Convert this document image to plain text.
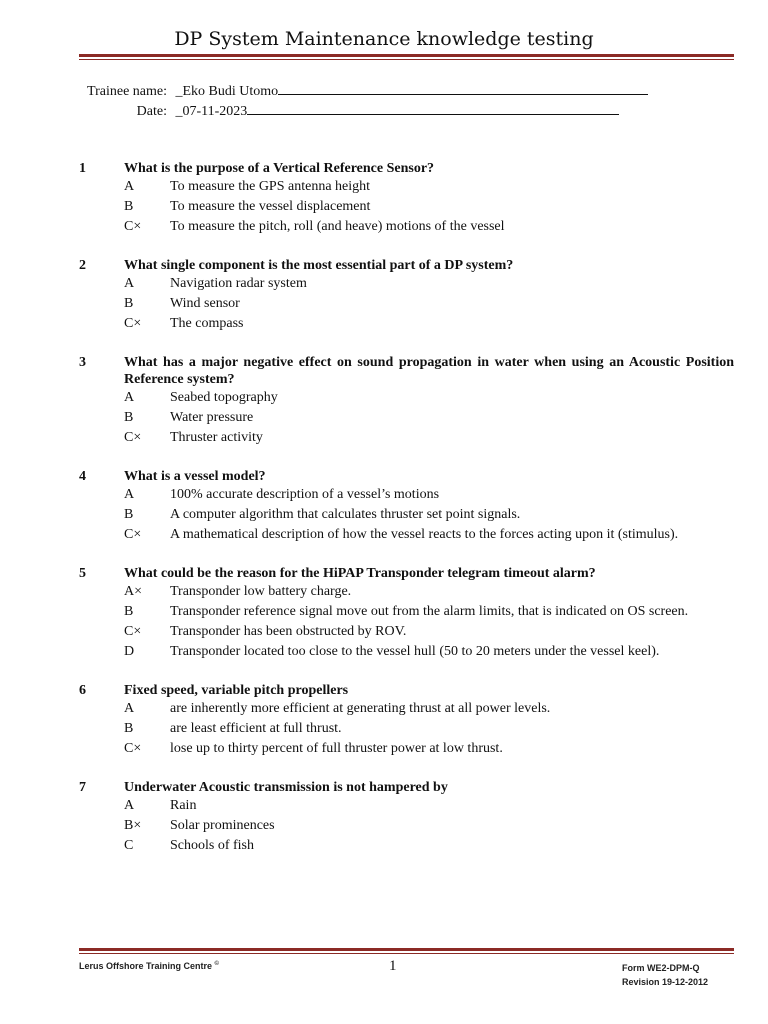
DP System Maintenance knowledge testing
Trainee name: _Eko Budi Utomo
Date: _07-11-2023
1	What is the purpose of a Vertical Reference Sensor?
A	To measure the GPS antenna height
B	To measure the vessel displacement
C×	To measure the pitch, roll (and heave) motions of the vessel
2	What single component is the most essential part of a DP system?
A	Navigation radar system
B	Wind sensor
C×	The compass
3	What has a major negative effect on sound propagation in water when using an Acoustic Position Reference system?
A	Seabed topography
B	Water pressure
C×	Thruster activity
4	What is a vessel model?
A	100% accurate description of a vessel’s motions
B	A computer algorithm that calculates thruster set point signals.
C×	A mathematical description of how the vessel reacts to the forces acting upon it (stimulus).
5	What could be the reason for the HiPAP Transponder telegram timeout alarm?
A×	Transponder low battery charge.
B	Transponder reference signal move out from the alarm limits, that is indicated on OS screen.
C×	Transponder has been obstructed by ROV.
D	Transponder located too close to the vessel hull (50 to 20 meters under the vessel keel).
6	Fixed speed, variable pitch propellers
A	are inherently more efficient at generating thrust at all power levels.
B	are least efficient at full thrust.
C×	lose up to thirty percent of full thruster power at low thrust.
7	Underwater Acoustic transmission is not hampered by
A	Rain
B×	Solar prominences
C	Schools of fish
Lerus Offshore Training Centre ©	1	Form WE2-DPM-Q
Revision 19-12-2012
